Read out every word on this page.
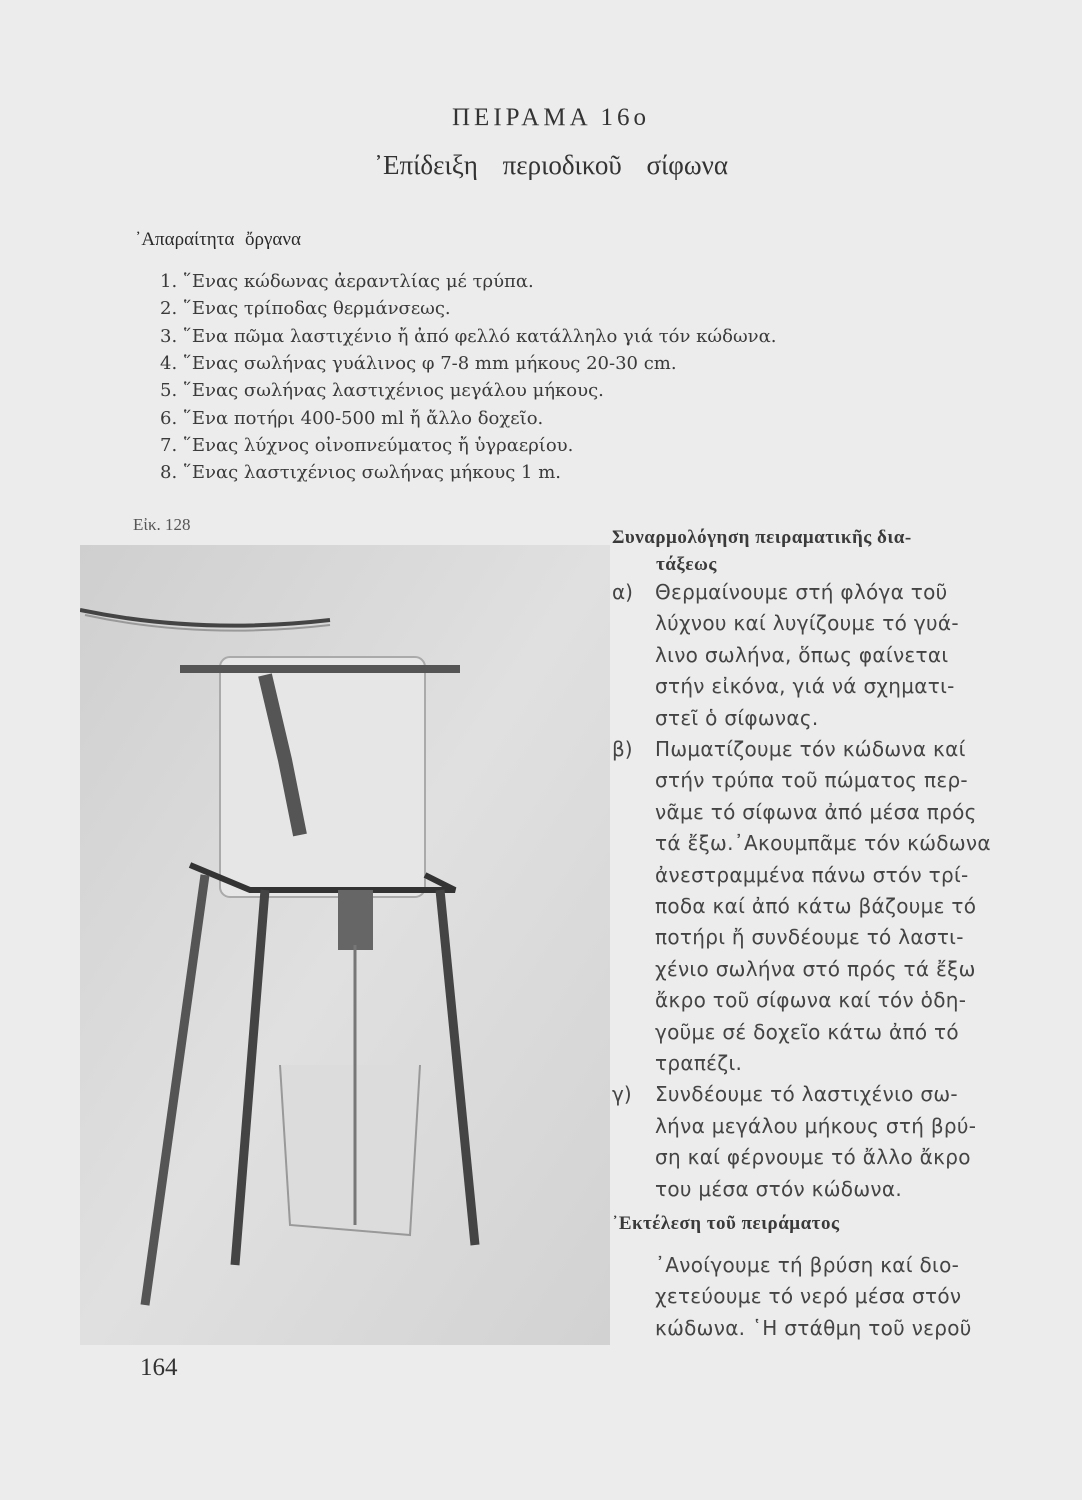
ΠΕΙΡΑΜΑ 16ο
᾿Επίδειξη περιοδικοῦ σίφωνα
᾿Απαραίτητα ὄργανα
1. ῞Ενας κώδωνας ἀεραντλίας μέ τρύπα.
2. ῞Ενας τρίποδας θερμάνσεως.
3. ῞Ενα πῶμα λαστιχένιο ἤ ἀπό φελλό κατάλληλο γιά τόν κώδωνα.
4. ῞Ενας σωλήνας γυάλινος φ 7-8 mm μήκους 20-30 cm.
5. ῞Ενας σωλήνας λαστιχένιος μεγάλου μήκους.
6. ῞Ενα ποτήρι 400-500 ml ἤ ἄλλο δοχεῖο.
7. ῞Ενας λύχνος οἰνοπνεύματος ἤ ὑγραερίου.
8. ῞Ενας λαστιχένιος σωλήνας μήκους 1 m.
Εἰκ. 128
Συναρμολόγηση πειραματικῆς δια-
τάξεως
α) Θερμαίνουμε στή φλόγα τοῦ
λύχνου καί λυγίζουμε τό γυά-
λινο σωλήνα, ὅπως φαίνεται
στήν εἰκόνα, γιά νά σχηματι-
στεῖ ὁ σίφωνας.
β) Πωματίζουμε τόν κώδωνα καί
στήν τρύπα τοῦ πώματος περ-
νᾶμε τό σίφωνα ἀπό μέσα πρός
τά ἔξω.᾿Ακουμπᾶμε τόν κώδωνα
ἀνεστραμμένα πάνω στόν τρί-
ποδα καί ἀπό κάτω βάζουμε τό
ποτήρι ἤ συνδέουμε τό λαστι-
χένιο σωλήνα στό πρός τά ἔξω
ἄκρο τοῦ σίφωνα καί τόν ὁδη-
γοῦμε σέ δοχεῖο κάτω ἀπό τό
τραπέζι.
γ) Συνδέουμε τό λαστιχένιο σω-
λήνα μεγάλου μήκους στή βρύ-
ση καί φέρνουμε τό ἄλλο ἄκρο
του μέσα στόν κώδωνα.
᾿Εκτέλεση τοῦ πειράματος
᾿Ανοίγουμε τή βρύση καί διο-
χετεύουμε τό νερό μέσα στόν
κώδωνα. ῾Η στάθμη τοῦ νεροῦ
164
